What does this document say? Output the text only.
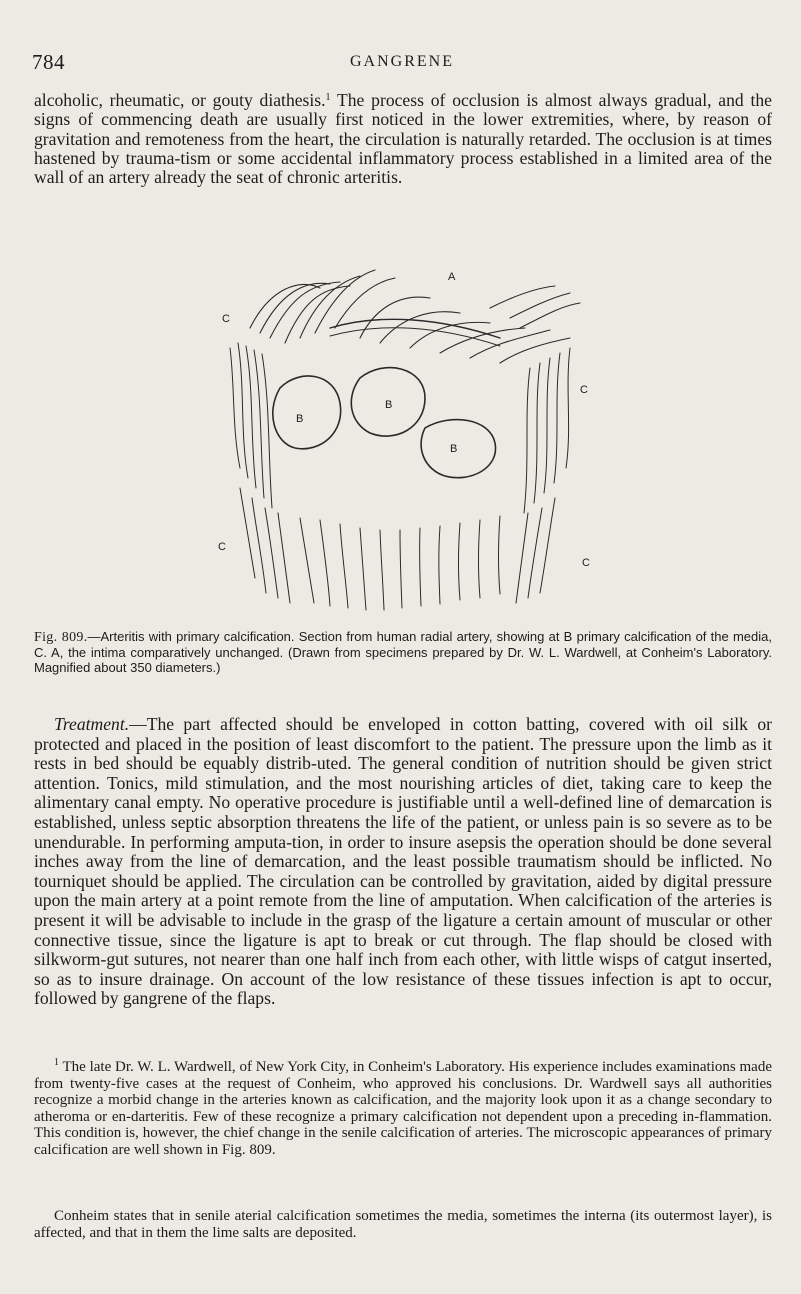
784	GANGRENE

alcoholic, rheumatic, or gouty diathesis.$^1$ The process of occlusion is almost always gradual, and the signs of commencing death are usually first noticed in the lower extremities, where, by reason of gravitation and remoteness from the heart, the circulation is naturally retarded. The occlusion is at times hastened by trauma-tism or some accidental inflammatory process established in a limited area of the wall of an artery already the seat of chronic arteritis.

A
C
C
B
B
B
C
C

Fig. 809.—Arteritis with primary calcification. Section from human radial artery, showing at B primary calcification of the media, C. A, the intima comparatively unchanged. (Drawn from specimens prepared by Dr. W. L. Wardwell, at Conheim's Laboratory. Magnified about 350 diameters.)

Treatment.—The part affected should be enveloped in cotton batting, covered with oil silk or protected and placed in the position of least discomfort to the patient. The pressure upon the limb as it rests in bed should be equably distrib-uted. The general condition of nutrition should be given strict attention. Tonics, mild stimulation, and the most nourishing articles of diet, taking care to keep the alimentary canal empty. No operative procedure is justifiable until a well-defined line of demarcation is established, unless septic absorption threatens the life of the patient, or unless pain is so severe as to be unendurable. In performing amputa-tion, in order to insure asepsis the operation should be done several inches away from the line of demarcation, and the least possible traumatism should be inflicted. No tourniquet should be applied. The circulation can be controlled by gravitation, aided by digital pressure upon the main artery at a point remote from the line of amputation. When calcification of the arteries is present it will be advisable to include in the grasp of the ligature a certain amount of muscular or other connective tissue, since the ligature is apt to break or cut through. The flap should be closed with silkworm-gut sutures, not nearer than one half inch from each other, with little wisps of catgut inserted, so as to insure drainage. On account of the low resistance of these tissues infection is apt to occur, followed by gangrene of the flaps.

$^1$ The late Dr. W. L. Wardwell, of New York City, in Conheim's Laboratory. His experience includes examinations made from twenty-five cases at the request of Conheim, who approved his conclusions. Dr. Wardwell says all authorities recognize a morbid change in the arteries known as calcification, and the majority look upon it as a change secondary to atheroma or en-darteritis. Few of these recognize a primary calcification not dependent upon a preceding in-flammation. This condition is, however, the chief change in the senile calcification of arteries. The microscopic appearances of primary calcification are well shown in Fig. 809.

Conheim states that in senile aterial calcification sometimes the media, sometimes the interna (its outermost layer), is affected, and that in them the lime salts are deposited.
